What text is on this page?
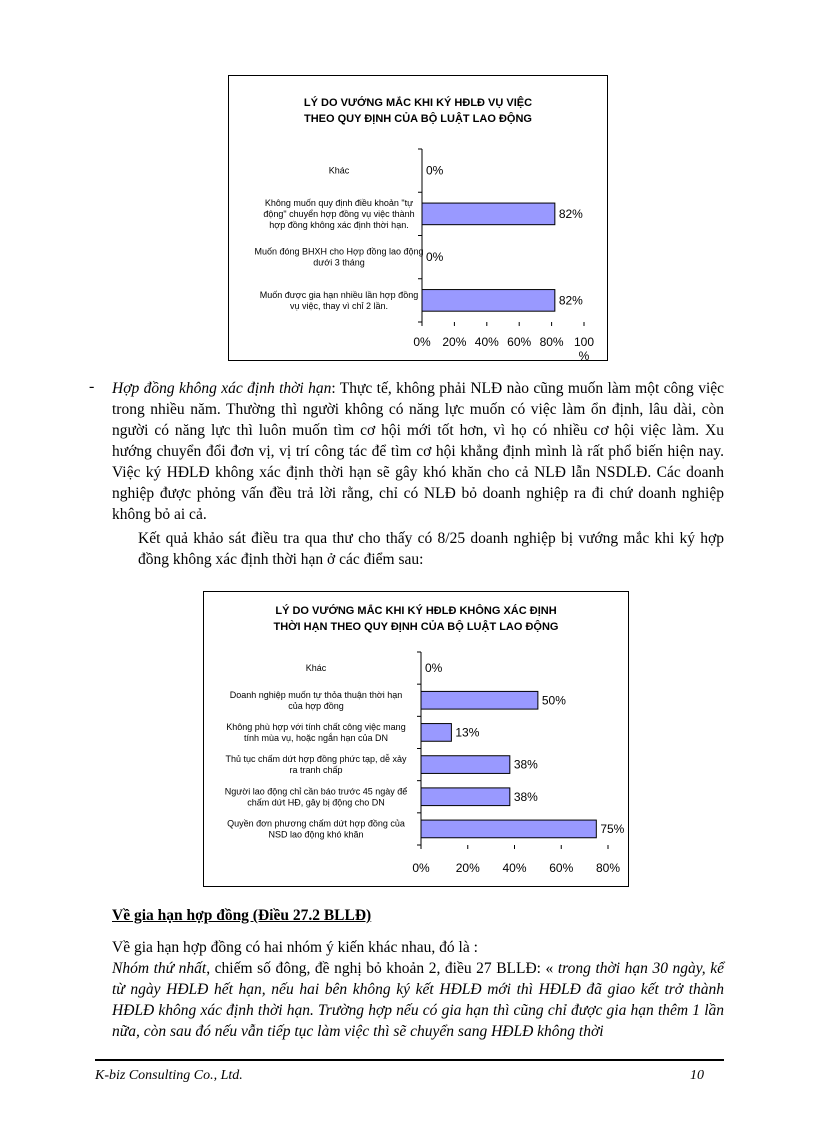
LÝ DO VƯỚNG MẮC KHI KÝ HĐLĐ VỤ VIỆC
THEO QUY ĐỊNH CỦA BỘ LUẬT LAO ĐỘNG
0%
Khác
82%
Không muốn quy định điều khoản "tự
động" chuyển hợp đồng vụ việc thành
hợp đồng không xác định thời hạn.
0%
Muốn đóng BHXH cho Hợp đồng lao động
dưới 3 tháng
82%
Muốn được gia hạn nhiều lần hợp đồng
vụ việc, thay vì chỉ 2 lần.
0% 20% 40% 60% 80% 100
%
- Hợp đồng không xác định thời hạn: Thực tế, không phải NLĐ nào cũng muốn làm một công việc trong nhiều năm. Thường thì người không có năng lực muốn có việc làm ổn định, lâu dài, còn người có năng lực thì luôn muốn tìm cơ hội mới tốt hơn, vì họ có nhiều cơ hội việc làm. Xu hướng chuyển đổi đơn vị, vị trí công tác để tìm cơ hội khẳng định mình là rất phổ biến hiện nay. Việc ký HĐLĐ không xác định thời hạn sẽ gây khó khăn cho cả NLĐ lẫn NSDLĐ. Các doanh nghiệp được phỏng vấn đều trả lời rằng, chỉ có NLĐ bỏ doanh nghiệp ra đi chứ doanh nghiệp không bỏ ai cả.

Kết quả khảo sát điều tra qua thư cho thấy có 8/25 doanh nghiệp bị vướng mắc khi ký hợp đồng không xác định thời hạn ở các điểm sau:

LÝ DO VƯỚNG MẮC KHI KÝ HĐLĐ KHÔNG XÁC ĐỊNH
THỜI HẠN THEO QUY ĐỊNH CỦA BỘ LUẬT LAO ĐỘNG
0%
Khác
50%
Doanh nghiệp muốn tự thỏa thuận thời hạn
của hợp đồng
13%
Không phù hợp với tính chất công việc mang
tính mùa vụ, hoặc ngắn hạn của DN
38%
Thủ tục chấm dứt hợp đồng phức tạp, dễ xảy
ra tranh chấp
38%
Người lao động chỉ cần báo trước 45 ngày để
chấm dứt HĐ, gây bị động cho DN
75%
Quyền đơn phương chấm dứt hợp đồng của
NSD lao động khó khăn
0% 20% 40% 60% 80%
Về gia hạn hợp đồng (Điều 27.2 BLLĐ)

Về gia hạn hợp đồng có hai nhóm ý kiến khác nhau, đó là :

Nhóm thứ nhất, chiếm số đông, đề nghị bỏ khoản 2, điều 27 BLLĐ: « trong thời hạn 30 ngày, kể từ ngày HĐLĐ hết hạn, nếu hai bên không ký kết HĐLĐ mới thì HĐLĐ đã giao kết trở thành HĐLĐ không xác định thời hạn. Trường hợp nếu có gia hạn thì cũng chỉ được gia hạn thêm 1 lần nữa, còn sau đó nếu vẫn tiếp tục làm việc thì sẽ chuyển sang HĐLĐ không thời

K-biz Consulting Co., Ltd.	10
